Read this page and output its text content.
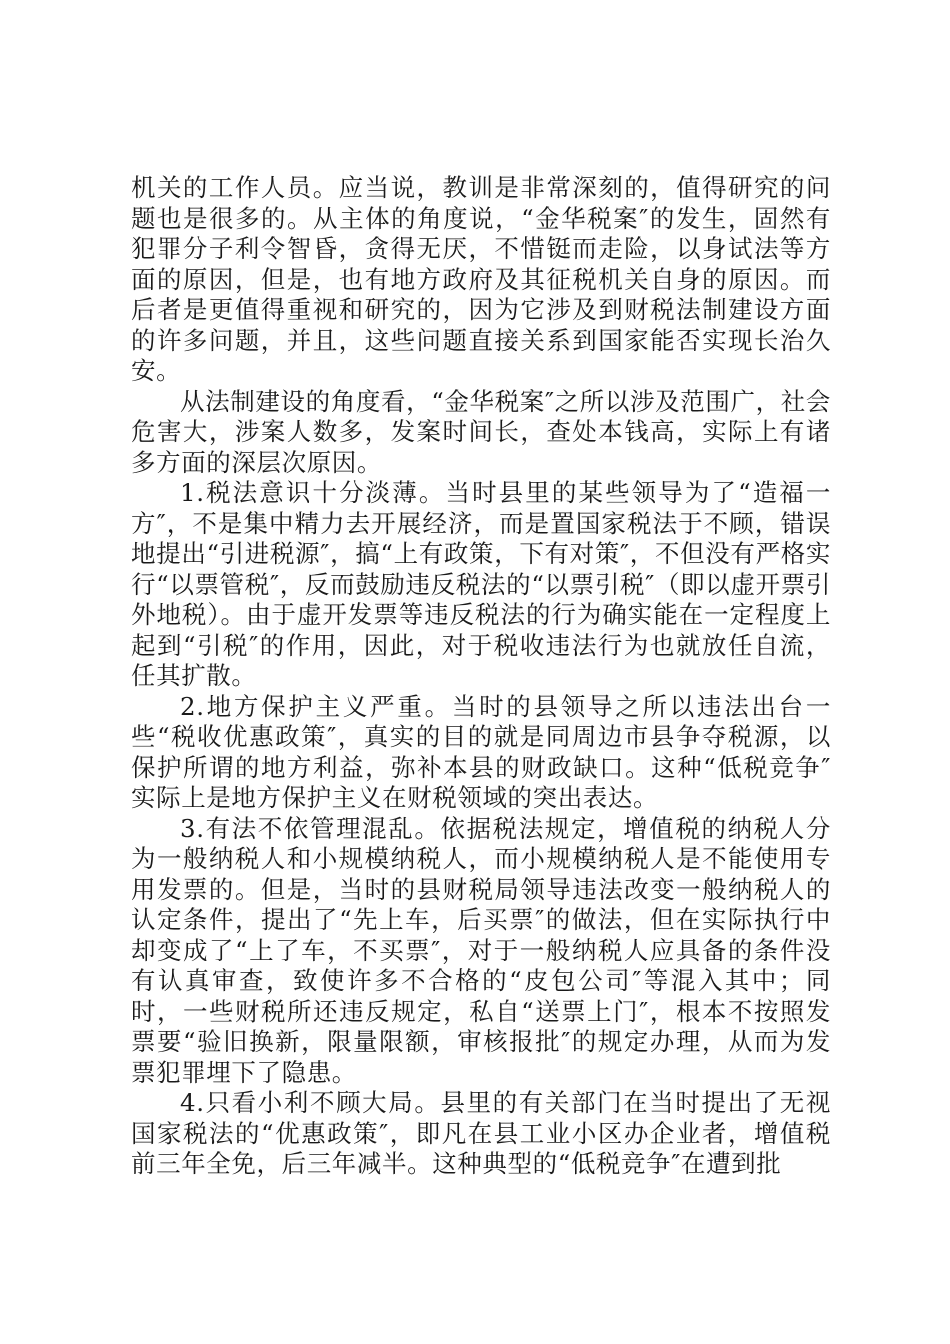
机关的工作人员。应当说，教训是非常深刻的，值得研究的问题也是很多的。从主体的角度说，“金华税案″的发生，固然有犯罪分子利令智昏，贪得无厌，不惜铤而走险，以身试法等方面的原因，但是，也有地方政府及其征税机关自身的原因。而后者是更值得重视和研究的，因为它涉及到财税法制建设方面的许多问题，并且，这些问题直接关系到国家能否实现长治久安。

从法制建设的角度看，“金华税案″之所以涉及范围广，社会危害大，涉案人数多，发案时间长，查处本钱高，实际上有诸多方面的深层次原因。

1.税法意识十分淡薄。当时县里的某些领导为了“造福一方″，不是集中精力去开展经济，而是置国家税法于不顾，错误地提出“引进税源″，搞“上有政策，下有对策″，不但没有严格实行“以票管税″，反而鼓励违反税法的“以票引税″（即以虚开票引外地税）。由于虚开发票等违反税法的行为确实能在一定程度上起到“引税″的作用，因此，对于税收违法行为也就放任自流，任其扩散。

2.地方保护主义严重。当时的县领导之所以违法出台一些“税收优惠政策″，真实的目的就是同周边市县争夺税源，以保护所谓的地方利益，弥补本县的财政缺口。这种“低税竞争″实际上是地方保护主义在财税领域的突出表达。

3.有法不依管理混乱。依据税法规定，增值税的纳税人分为一般纳税人和小规模纳税人，而小规模纳税人是不能使用专用发票的。但是，当时的县财税局领导违法改变一般纳税人的认定条件，提出了“先上车，后买票″的做法，但在实际执行中却变成了“上了车，不买票″，对于一般纳税人应具备的条件没有认真审查，致使许多不合格的“皮包公司″等混入其中；同时，一些财税所还违反规定，私自“送票上门″，根本不按照发票要“验旧换新，限量限额，审核报批″的规定办理，从而为发票犯罪埋下了隐患。

4.只看小利不顾大局。县里的有关部门在当时提出了无视国家税法的“优惠政策″，即凡在县工业小区办企业者，增值税前三年全免，后三年减半。这种典型的“低税竞争″在遭到批
